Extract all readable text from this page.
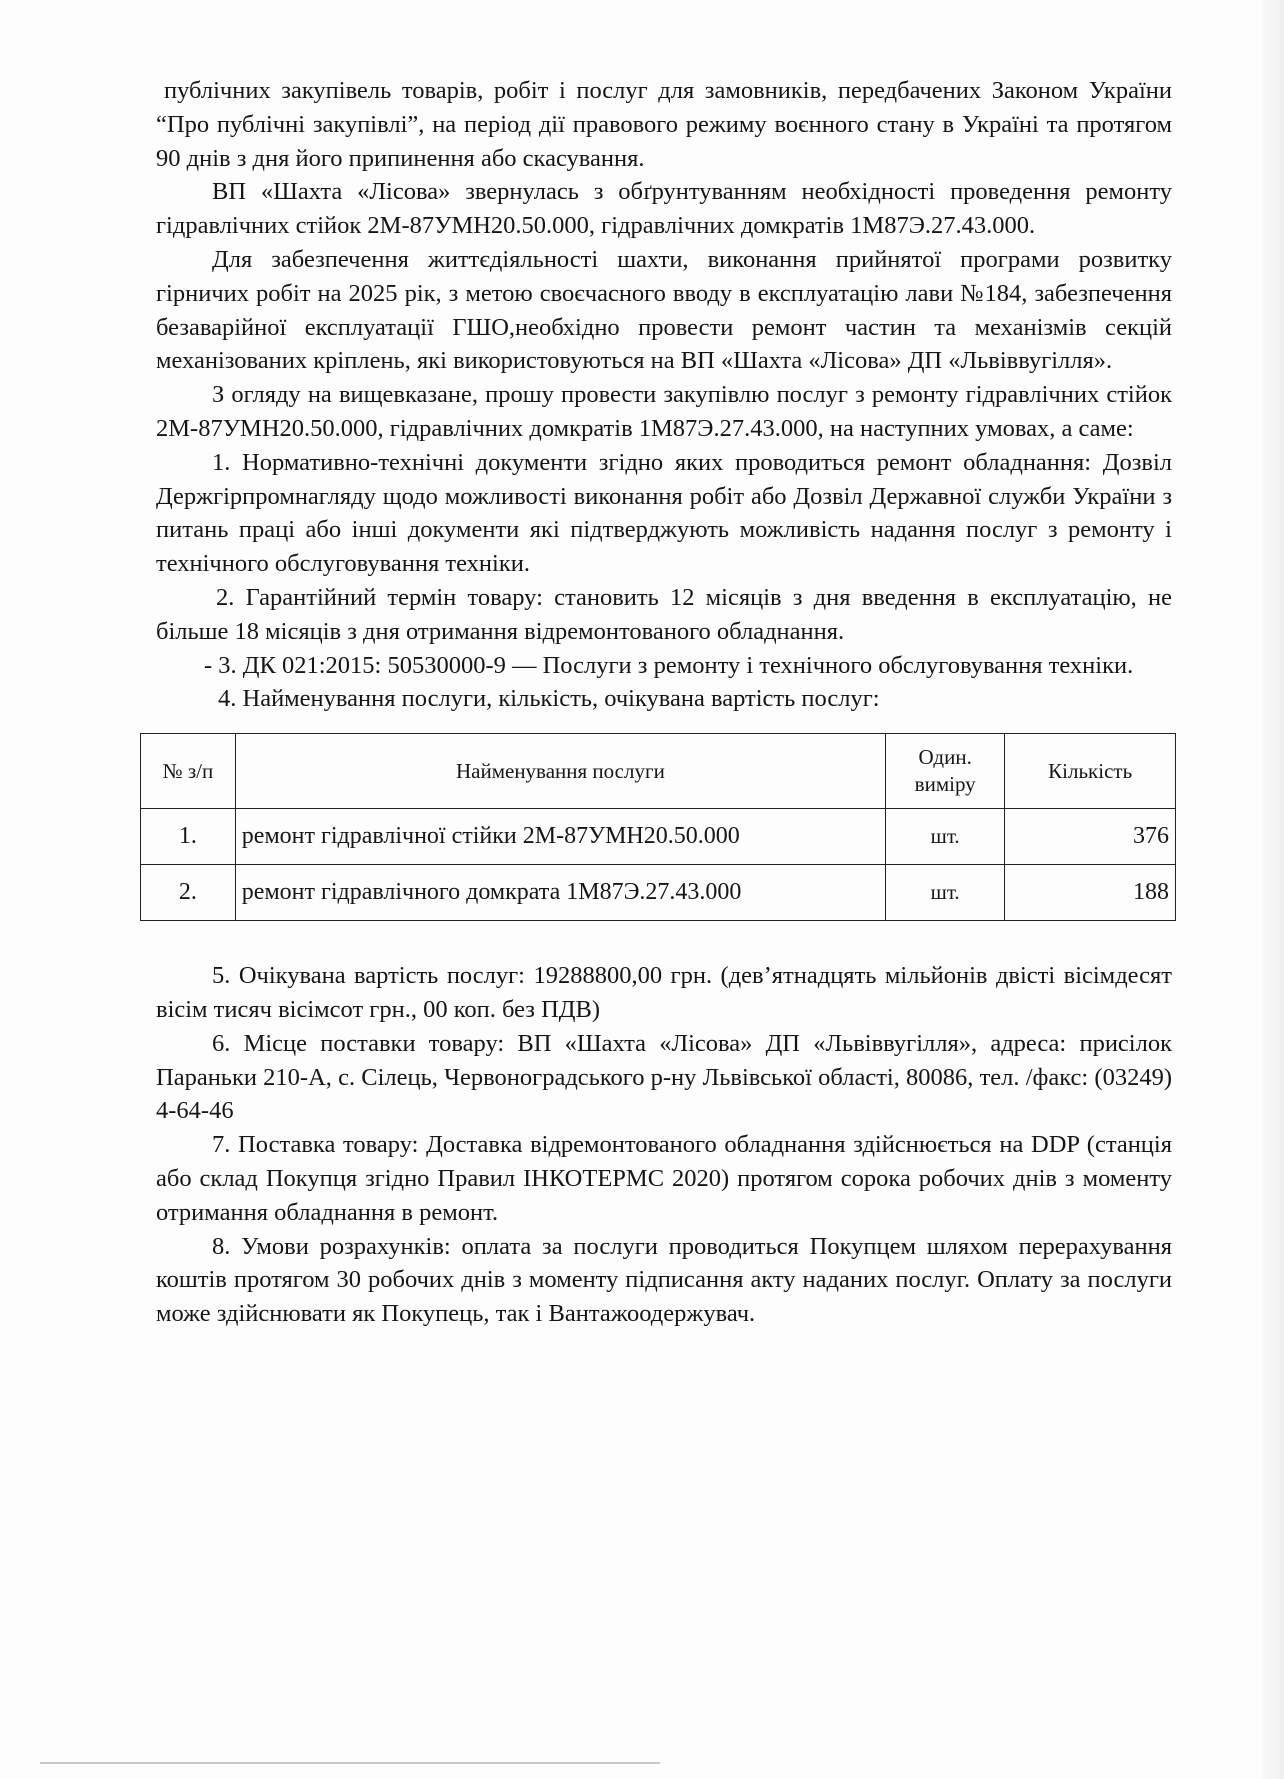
публічних закупівель товарів, робіт і послуг для замовників, передбачених Законом України “Про публічні закупівлі”, на період дії правового режиму воєнного стану в Україні та протягом 90 днів з дня його припинення або скасування.

ВП «Шахта «Лісова» звернулась з обґрунтуванням необхідності проведення ремонту гідравлічних стійок 2М-87УМН20.50.000, гідравлічних домкратів 1М87Э.27.43.000.

Для забезпечення життєдіяльності шахти, виконання прийнятої програми розвитку гірничих робіт на 2025 рік, з метою своєчасного вводу в експлуатацію лави №184, забезпечення безаварійної експлуатації ГШО,необхідно провести ремонт частин та механізмів секцій механізованих кріплень, які використовуються на ВП «Шахта «Лісова» ДП «Львіввугілля».

З огляду на вищевказане, прошу провести закупівлю послуг з ремонту гідравлічних стійок 2М-87УМН20.50.000, гідравлічних домкратів 1М87Э.27.43.000, на наступних умовах, а саме:

1. Нормативно-технічні документи згідно яких проводиться ремонт обладнання: Дозвіл Держгірпромнагляду щодо можливості виконання робіт або Дозвіл Державної служби України з питань праці або інші документи які підтверджують можливість надання послуг з ремонту і технічного обслуговування техніки.

2. Гарантійний термін товару: становить 12 місяців з дня введення в експлуатацію, не більше 18 місяців з дня отримання відремонтованого обладнання.

- 3. ДК 021:2015: 50530000-9 — Послуги з ремонту і технічного обслуговування техніки.

4. Найменування послуги, кількість, очікувана вартість послуг:

№ з/п	Найменування послуги	Один. виміру	Кількість
1.	ремонт гідравлічної стійки 2М-87УМН20.50.000	шт.	376
2.	ремонт гідравлічного домкрата 1М87Э.27.43.000	шт.	188

5. Очікувана вартість послуг: 19288800,00 грн. (дев’ятнадцять мільйонів двісті вісімдесят вісім тисяч вісімсот грн., 00 коп. без ПДВ)

6. Місце поставки товару: ВП «Шахта «Лісова» ДП «Львіввугілля», адреса: присілок Параньки 210-А, с. Сілець, Червоноградського р-ну Львівської області, 80086, тел. /факс: (03249) 4-64-46

7. Поставка товару: Доставка відремонтованого обладнання здійснюється на DDP (станція або склад Покупця згідно Правил ІНКОТЕРМС 2020) протягом сорока робочих днів з моменту отримання обладнання в ремонт.

8. Умови розрахунків: оплата за послуги проводиться Покупцем шляхом перерахування коштів протягом 30 робочих днів з моменту підписання акту наданих послуг. Оплату за послуги може здійснювати як Покупець, так і Вантажоодержувач.
